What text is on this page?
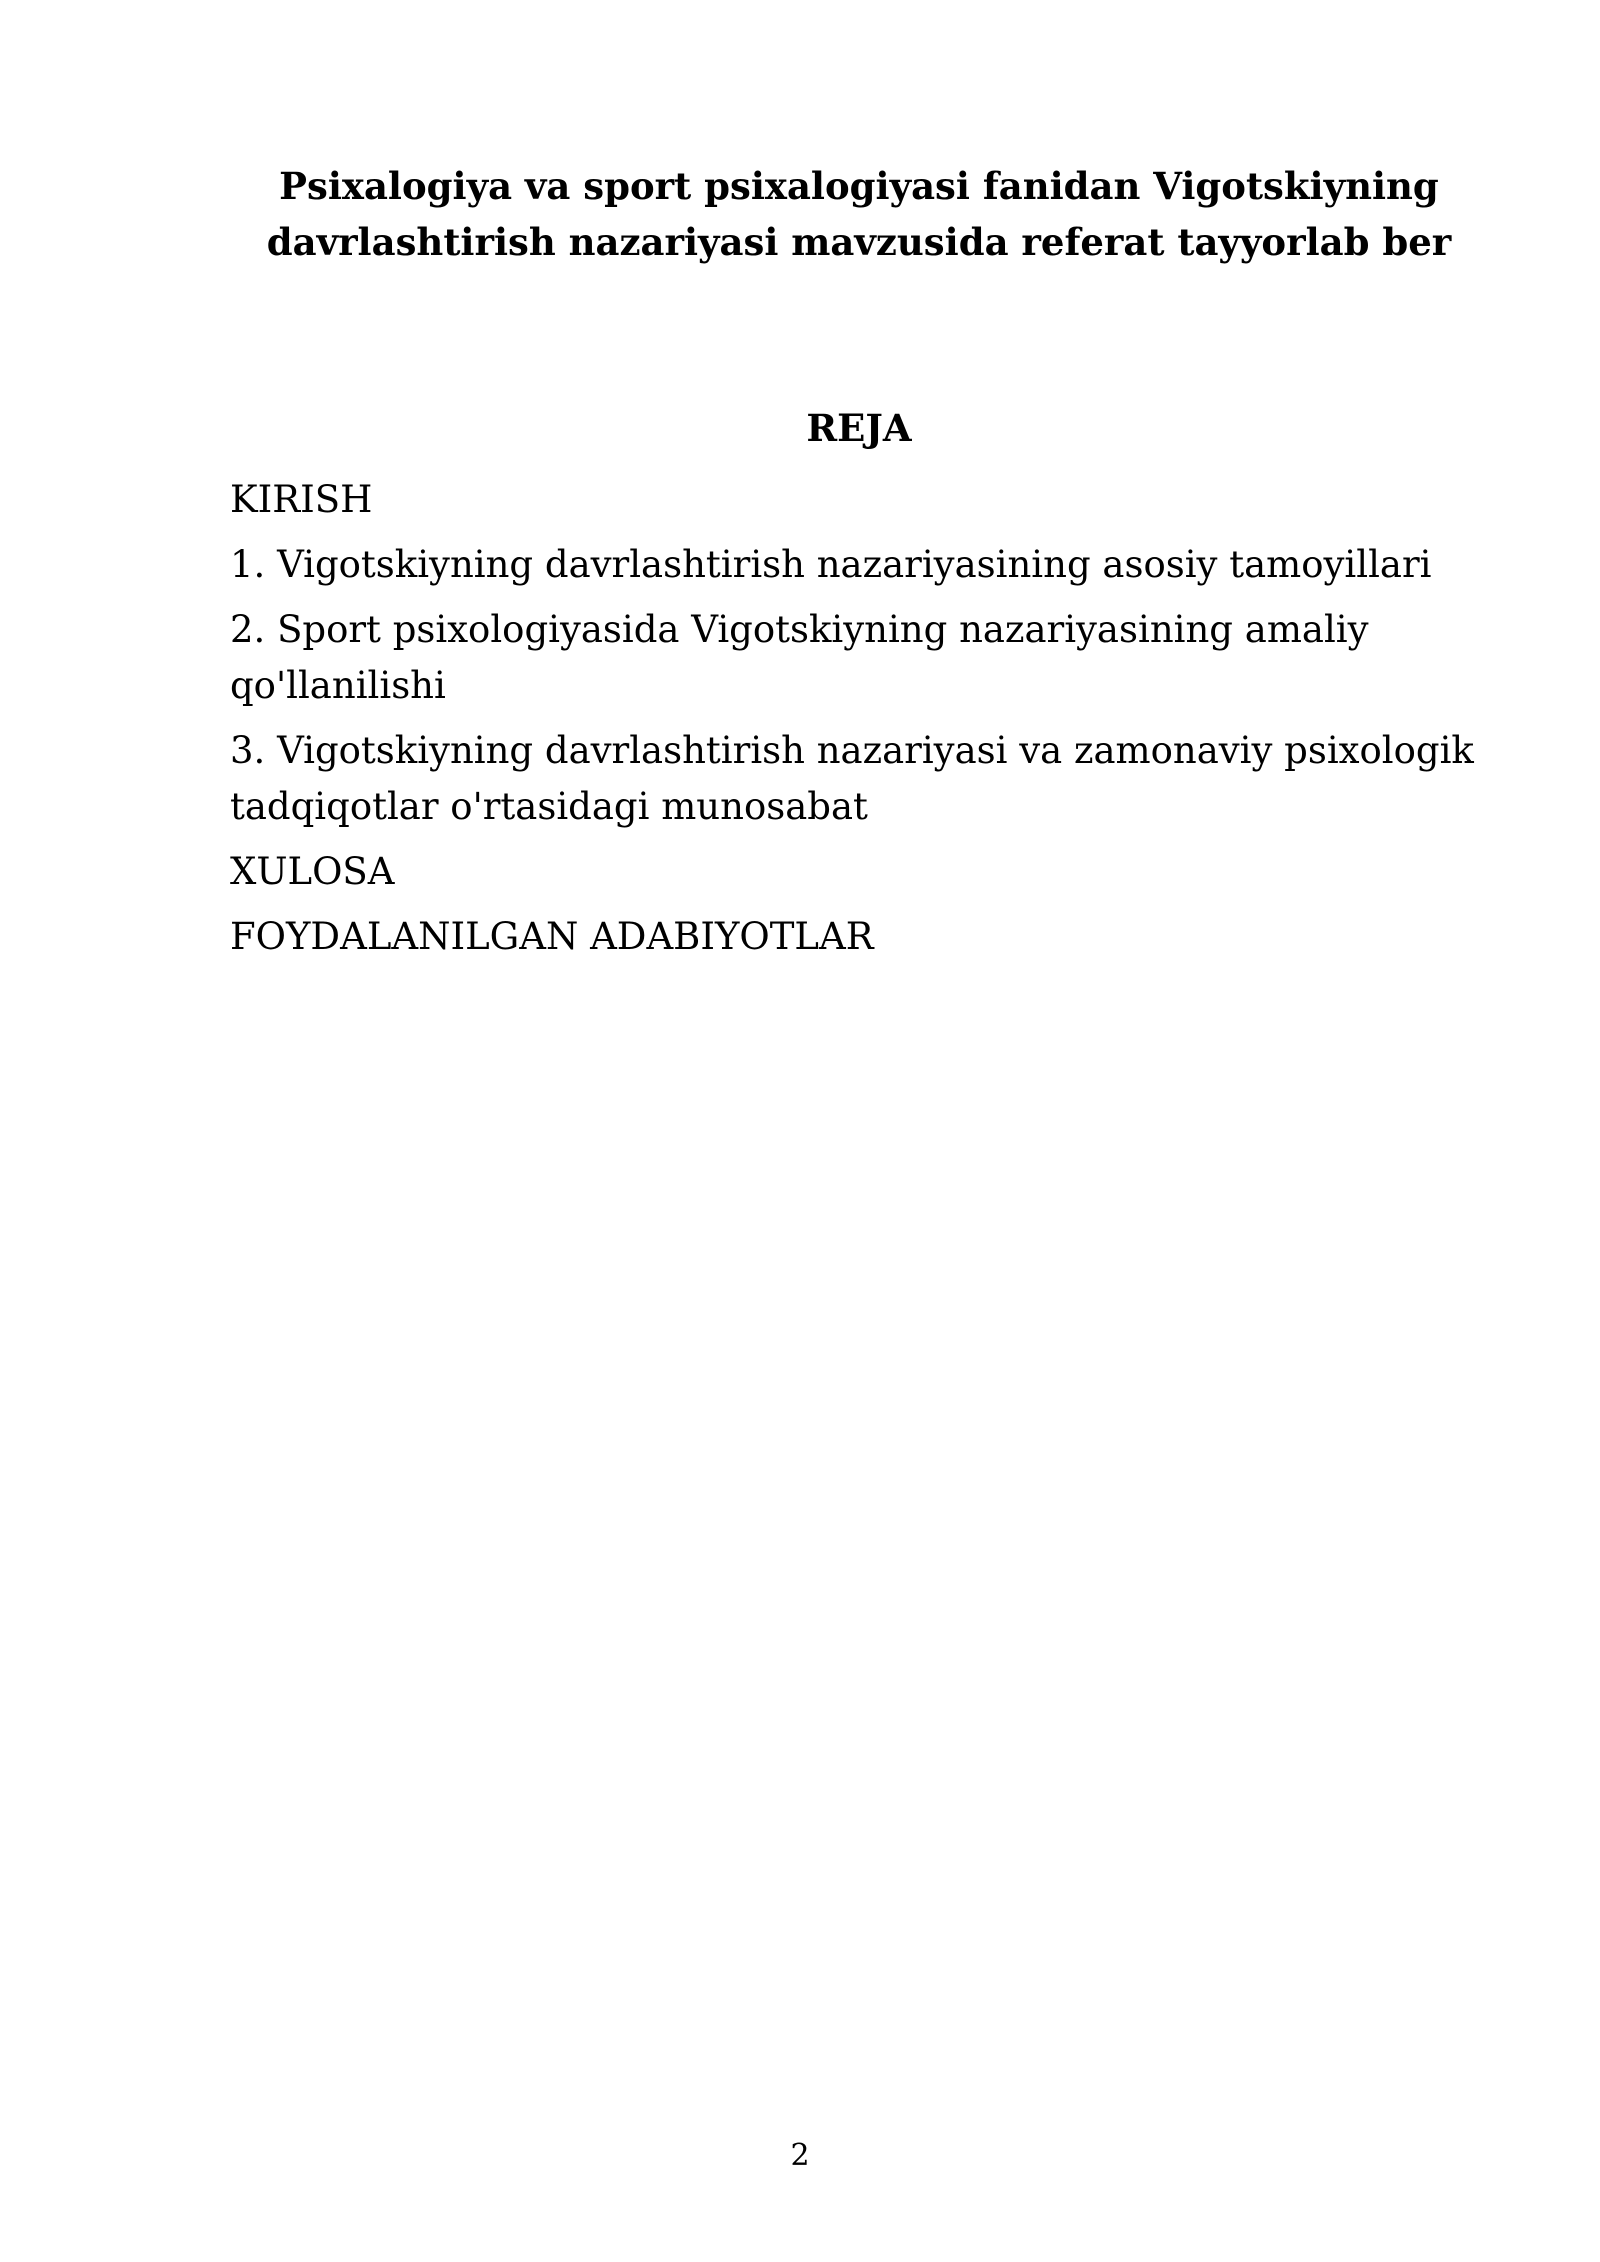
Psixalogiya va sport psixalogiyasi fanidan Vigotskiyning
davrlashtirish nazariyasi mavzusida referat tayyorlab ber
REJA
KIRISH
1. Vigotskiyning davrlashtirish nazariyasining asosiy tamoyillari
2. Sport psixologiyasida Vigotskiyning nazariyasining amaliy qo'llanilishi
3. Vigotskiyning davrlashtirish nazariyasi va zamonaviy psixologik tadqiqotlar o'rtasidagi munosabat
XULOSA
FOYDALANILGAN ADABIYOTLAR
2
